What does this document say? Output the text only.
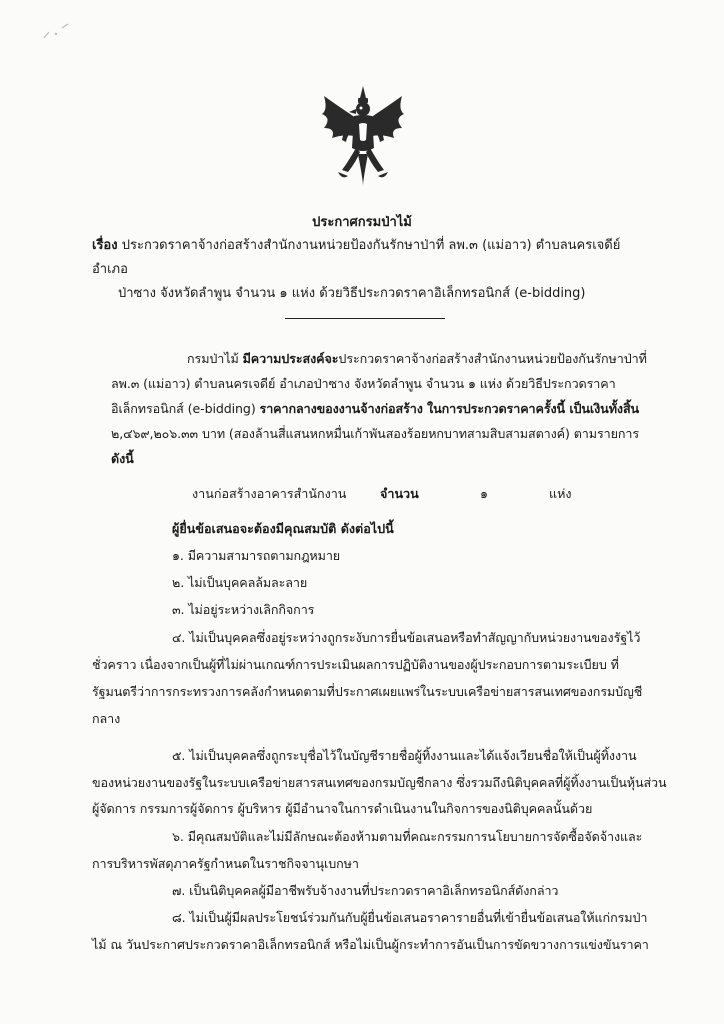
ประกาศกรมป่าไม้
เรื่อง ประกวดราคาจ้างก่อสร้างสำนักงานหน่วยป้องกันรักษาป่าที่ ลพ.๓ (แม่อาว) ตำบลนครเจดีย์ อำเภอ
ป่าซาง จังหวัดลำพูน จำนวน ๑ แห่ง ด้วยวิธีประกวดราคาอิเล็กทรอนิกส์ (e-bidding)
กรมป่าไม้ มีความประสงค์จะประกวดราคาจ้างก่อสร้างสำนักงานหน่วยป้องกันรักษาป่าที่
ลพ.๓ (แม่อาว) ตำบลนครเจดีย์ อำเภอป่าซาง จังหวัดลำพูน จำนวน ๑ แห่ง ด้วยวิธีประกวดราคา
อิเล็กทรอนิกส์ (e-bidding) ราคากลางของงานจ้างก่อสร้าง ในการประกวดราคาครั้งนี้ เป็นเงินทั้งสิ้น
๒,๔๖๙,๒๐๖.๓๓ บาท (สองล้านสี่แสนหกหมื่นเก้าพันสองร้อยหกบาทสามสิบสามสตางค์) ตามรายการ
ดังนี้
งานก่อสร้างอาคารสำนักงาน	จำนวน	๑	แห่ง
ผู้ยื่นข้อเสนอจะต้องมีคุณสมบัติ ดังต่อไปนี้
๑. มีความสามารถตามกฎหมาย
๒. ไม่เป็นบุคคลล้มละลาย
๓. ไม่อยู่ระหว่างเลิกกิจการ
๔. ไม่เป็นบุคคลซึ่งอยู่ระหว่างถูกระงับการยื่นข้อเสนอหรือทำสัญญากับหน่วยงานของรัฐไว้
ชั่วคราว เนื่องจากเป็นผู้ที่ไม่ผ่านเกณฑ์การประเมินผลการปฏิบัติงานของผู้ประกอบการตามระเบียบ ที่
รัฐมนตรีว่าการกระทรวงการคลังกำหนดตามที่ประกาศเผยแพร่ในระบบเครือข่ายสารสนเทศของกรมบัญชี
กลาง
๕. ไม่เป็นบุคคลซึ่งถูกระบุชื่อไว้ในบัญชีรายชื่อผู้ทิ้งงานและได้แจ้งเวียนชื่อให้เป็นผู้ทิ้งงาน
ของหน่วยงานของรัฐในระบบเครือข่ายสารสนเทศของกรมบัญชีกลาง ซึ่งรวมถึงนิติบุคคลที่ผู้ทิ้งงานเป็นหุ้นส่วน
ผู้จัดการ กรรมการผู้จัดการ ผู้บริหาร ผู้มีอำนาจในการดำเนินงานในกิจการของนิติบุคคลนั้นด้วย
๖. มีคุณสมบัติและไม่มีลักษณะต้องห้ามตามที่คณะกรรมการนโยบายการจัดซื้อจัดจ้างและ
การบริหารพัสดุภาครัฐกำหนดในราชกิจจานุเบกษา
๗. เป็นนิติบุคคลผู้มีอาชีพรับจ้างงานที่ประกวดราคาอิเล็กทรอนิกส์ดังกล่าว
๘. ไม่เป็นผู้มีผลประโยชน์ร่วมกันกับผู้ยื่นข้อเสนอราคารายอื่นที่เข้ายื่นข้อเสนอให้แก่กรมป่า
ไม้ ณ วันประกาศประกวดราคาอิเล็กทรอนิกส์ หรือไม่เป็นผู้กระทำการอันเป็นการขัดขวางการแข่งขันราคา
